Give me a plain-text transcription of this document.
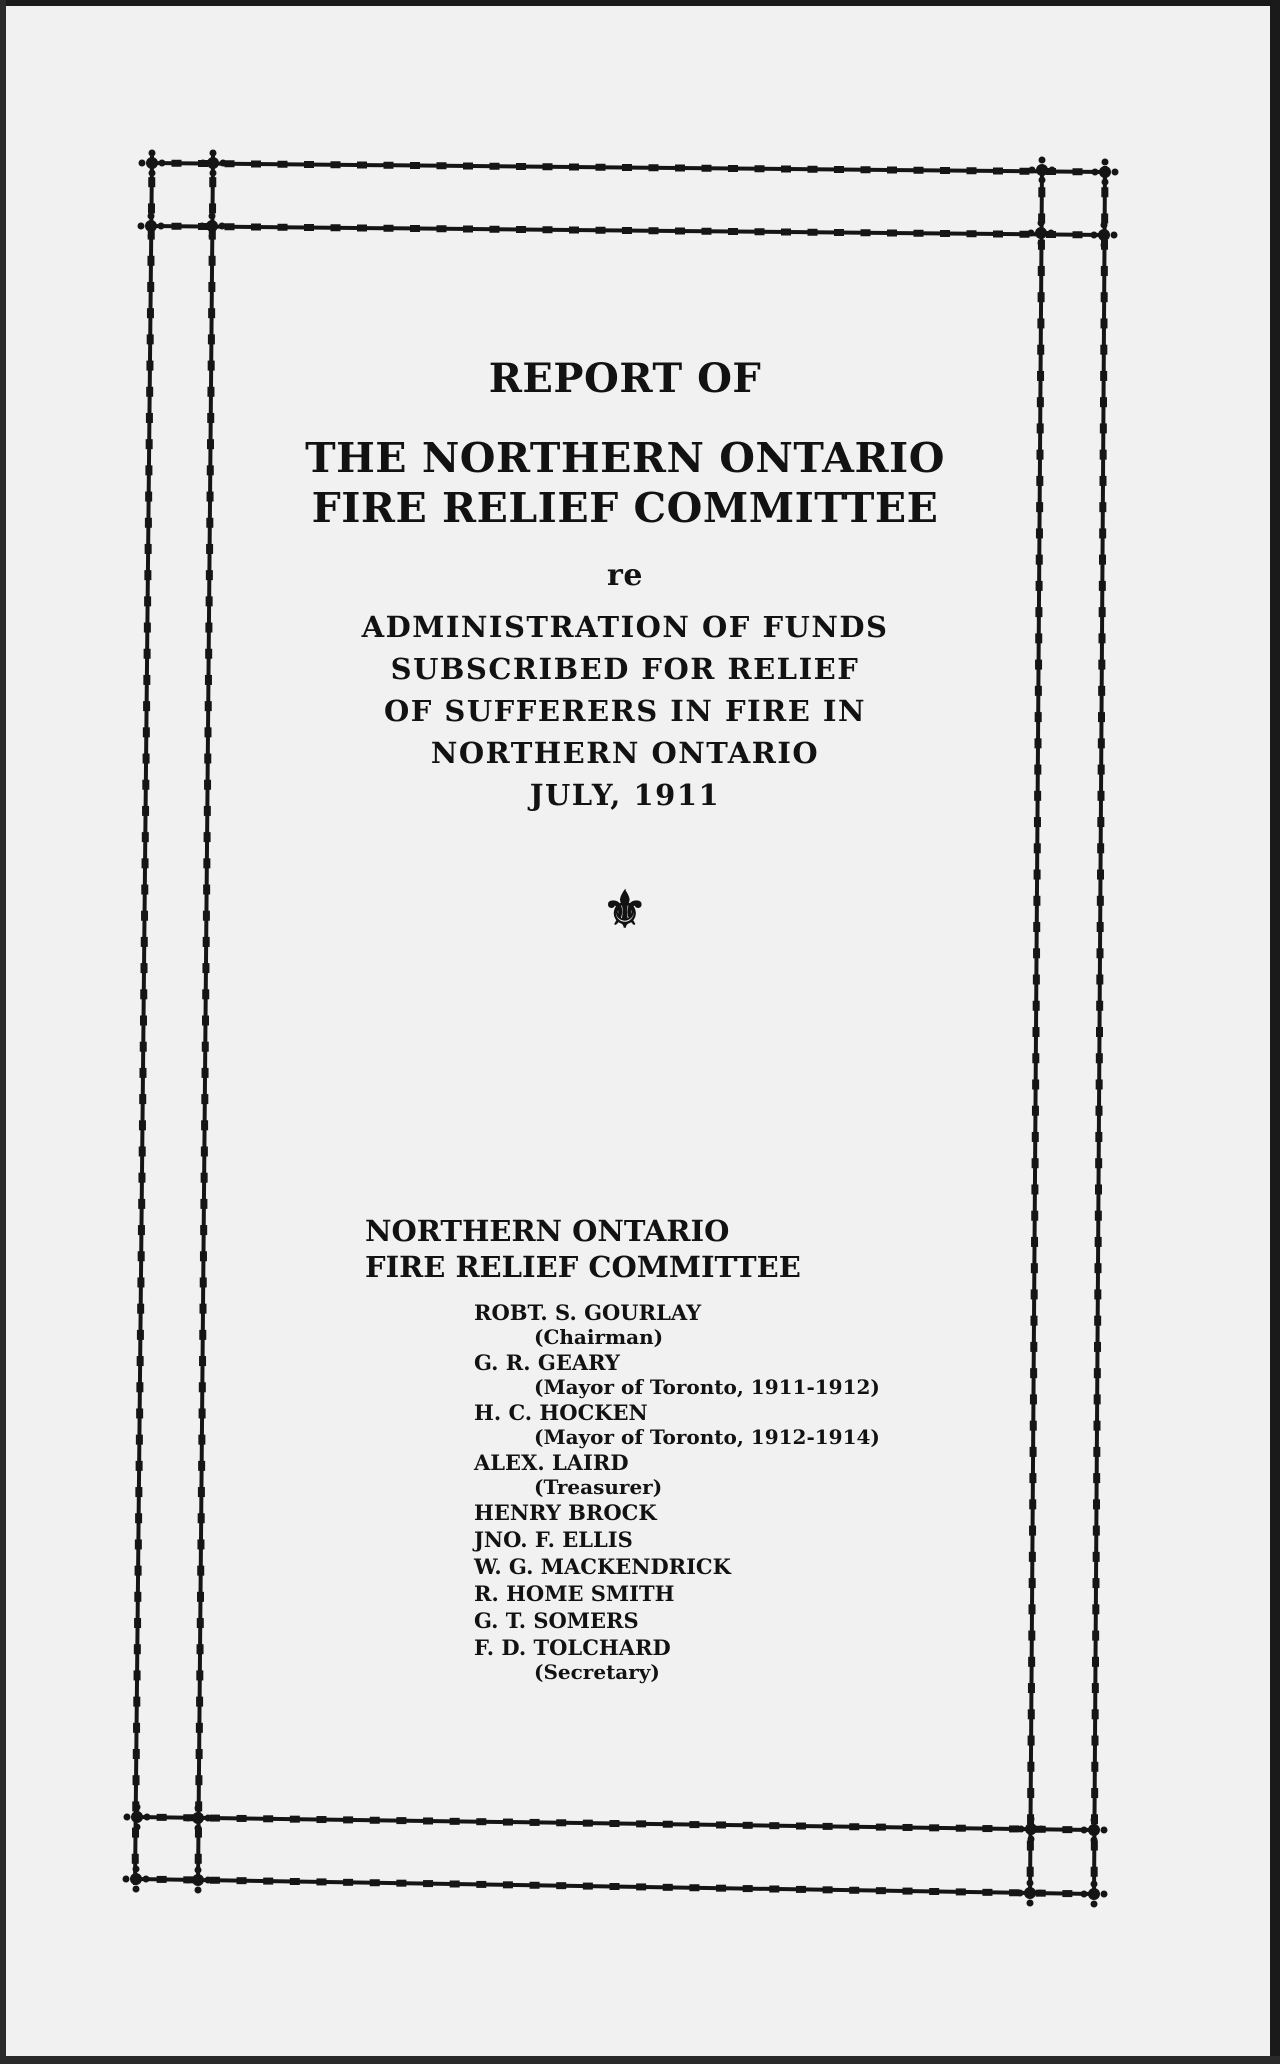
REPORT OF
THE NORTHERN ONTARIO
FIRE RELIEF COMMITTEE
re
ADMINISTRATION OF FUNDS
SUBSCRIBED FOR RELIEF
OF SUFFERERS IN FIRE IN
NORTHERN ONTARIO
JULY, 1911
⚜
NORTHERN ONTARIO
FIRE RELIEF COMMITTEE
ROBT. S. GOURLAY
(Chairman)
G. R. GEARY
(Mayor of Toronto, 1911-1912)
H. C. HOCKEN
(Mayor of Toronto, 1912-1914)
ALEX. LAIRD
(Treasurer)
HENRY BROCK
JNO. F. ELLIS
W. G. MACKENDRICK
R. HOME SMITH
G. T. SOMERS
F. D. TOLCHARD
(Secretary)
